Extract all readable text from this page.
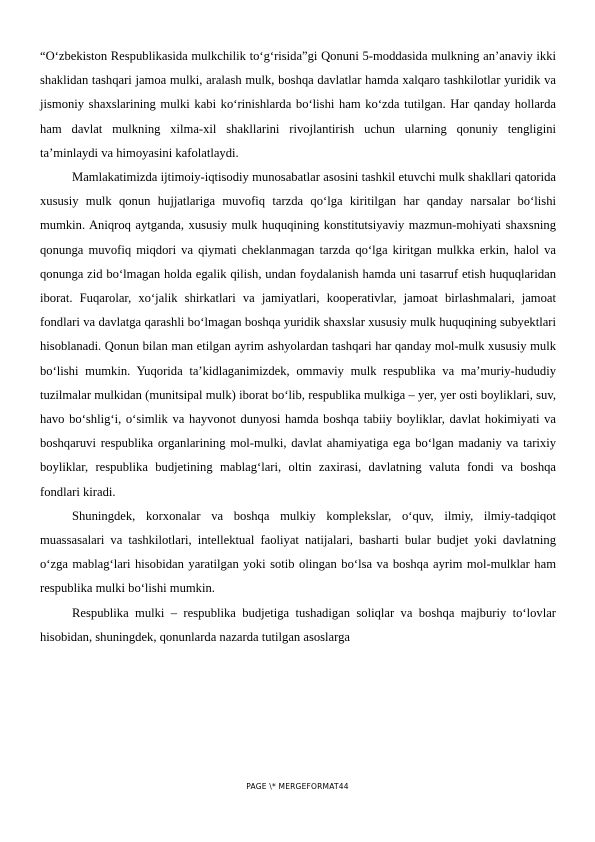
“O‘zbekiston Respublikasida mulkchilik to‘g‘risida”gi Qonuni 5-moddasida mulkning an’anaviy ikki shaklidan tashqari jamoa mulki, aralash mulk, boshqa davlatlar hamda xalqaro tashkilotlar yuridik va jismoniy shaxslarining mulki kabi ko‘rinishlarda bo‘lishi ham ko‘zda tutilgan. Har qanday hollarda ham davlat mulkning xilma-xil shakllarini rivojlantirish uchun ularning qonuniy tengligini ta’minlaydi va himoyasini kafolatlaydi.

Mamlakatimizda ijtimoiy-iqtisodiy munosabatlar asosini tashkil etuvchi mulk shakllari qatorida xususiy mulk qonun hujjatlariga muvofiq tarzda qo‘lga kiritilgan har qanday narsalar bo‘lishi mumkin. Aniqroq aytganda, xususiy mulk huquqining konstitutsiyaviy mazmun-mohiyati shaxsning qonunga muvofiq miqdori va qiymati cheklanmagan tarzda qo‘lga kiritgan mulkka erkin, halol va qonunga zid bo‘lmagan holda egalik qilish, undan foydalanish hamda uni tasarruf etish huquqlaridan iborat. Fuqarolar, xo‘jalik shirkatlari va jamiyatlari, kooperativlar, jamoat birlashmalari, jamoat fondlari va davlatga qarashli bo‘lmagan boshqa yuridik shaxslar xususiy mulk huquqining subyektlari hisoblanadi. Qonun bilan man etilgan ayrim ashyolardan tashqari har qanday mol-mulk xususiy mulk bo‘lishi mumkin. Yuqorida ta’kidlaganimizdek, ommaviy mulk respublika va ma’muriy-hududiy tuzilmalar mulkidan (munitsipal mulk) iborat bo‘lib, respublika mulkiga – yer, yer osti boyliklari, suv, havo bo‘shlig‘i, o‘simlik va hayvonot dunyosi hamda boshqa tabiiy boyliklar, davlat hokimiyati va boshqaruvi respublika organlarining mol-mulki, davlat ahamiyatiga ega bo‘lgan madaniy va tarixiy boyliklar, respublika budjetining mablag‘lari, oltin zaxirasi, davlatning valuta fondi va boshqa fondlari kiradi.

Shuningdek, korxonalar va boshqa mulkiy komplekslar, o‘quv, ilmiy, ilmiy-tadqiqot muassasalari va tashkilotlari, intellektual faoliyat natijalari, basharti bular budjet yoki davlatning o‘zga mablag‘lari hisobidan yaratilgan yoki sotib olingan bo‘lsa va boshqa ayrim mol-mulklar ham respublika mulki bo‘lishi mumkin.

Respublika mulki – respublika budjetiga tushadigan soliqlar va boshqa majburiy to‘lovlar hisobidan, shuningdek, qonunlarda nazarda tutilgan asoslarga

PAGE \* MERGEFORMAT44
